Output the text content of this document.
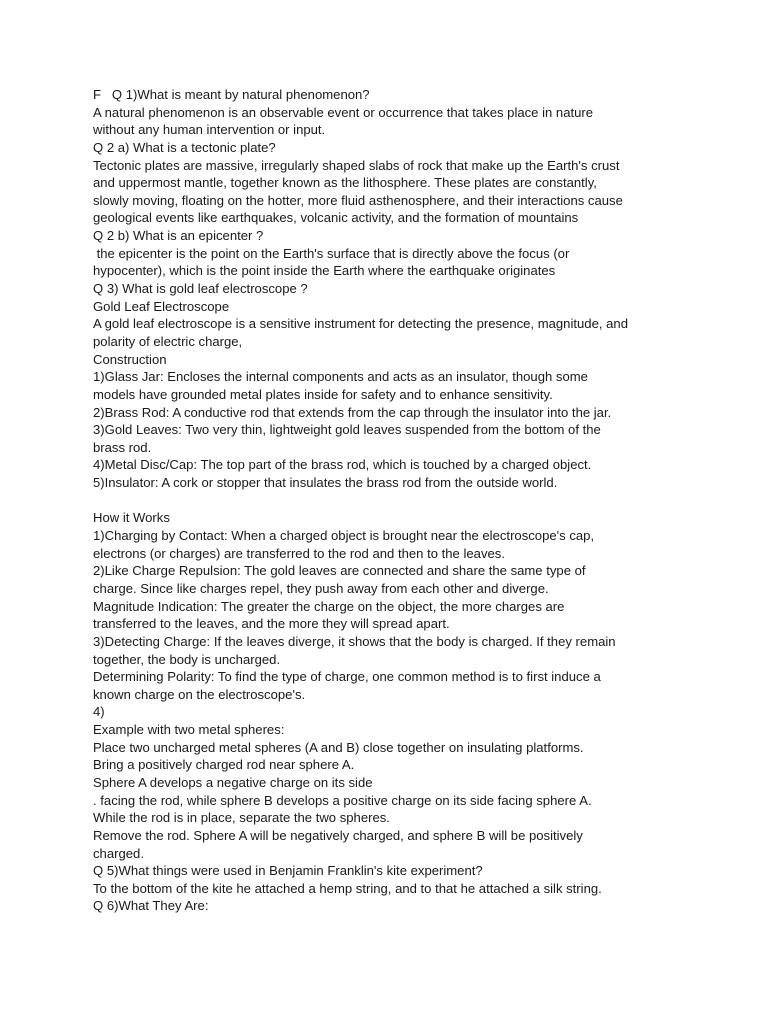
F   Q 1)What is meant by natural phenomenon?
A natural phenomenon is an observable event or occurrence that takes place in nature
without any human intervention or input.
Q 2 a) What is a tectonic plate?
Tectonic plates are massive, irregularly shaped slabs of rock that make up the Earth's crust
and uppermost mantle, together known as the lithosphere. These plates are constantly,
slowly moving, floating on the hotter, more fluid asthenosphere, and their interactions cause
geological events like earthquakes, volcanic activity, and the formation of mountains
Q 2 b) What is an epicenter ?
the epicenter is the point on the Earth's surface that is directly above the focus (or
hypocenter), which is the point inside the Earth where the earthquake originates
Q 3) What is gold leaf electroscope ?
Gold Leaf Electroscope
A gold leaf electroscope is a sensitive instrument for detecting the presence, magnitude, and
polarity of electric charge,
Construction
1)Glass Jar: Encloses the internal components and acts as an insulator, though some
models have grounded metal plates inside for safety and to enhance sensitivity.
2)Brass Rod: A conductive rod that extends from the cap through the insulator into the jar.
3)Gold Leaves: Two very thin, lightweight gold leaves suspended from the bottom of the
brass rod.
4)Metal Disc/Cap: The top part of the brass rod, which is touched by a charged object.
5)Insulator: A cork or stopper that insulates the brass rod from the outside world.
How it Works
1)Charging by Contact: When a charged object is brought near the electroscope's cap,
electrons (or charges) are transferred to the rod and then to the leaves.
2)Like Charge Repulsion: The gold leaves are connected and share the same type of
charge. Since like charges repel, they push away from each other and diverge.
Magnitude Indication: The greater the charge on the object, the more charges are
transferred to the leaves, and the more they will spread apart.
3)Detecting Charge: If the leaves diverge, it shows that the body is charged. If they remain
together, the body is uncharged.
Determining Polarity: To find the type of charge, one common method is to first induce a
known charge on the electroscope's.
4)
Example with two metal spheres:
Place two uncharged metal spheres (A and B) close together on insulating platforms.
Bring a positively charged rod near sphere A.
Sphere A develops a negative charge on its side
. facing the rod, while sphere B develops a positive charge on its side facing sphere A.
While the rod is in place, separate the two spheres.
Remove the rod. Sphere A will be negatively charged, and sphere B will be positively
charged.
Q 5)What things were used in Benjamin Franklin's kite experiment?
To the bottom of the kite he attached a hemp string, and to that he attached a silk string.
Q 6)What They Are:
